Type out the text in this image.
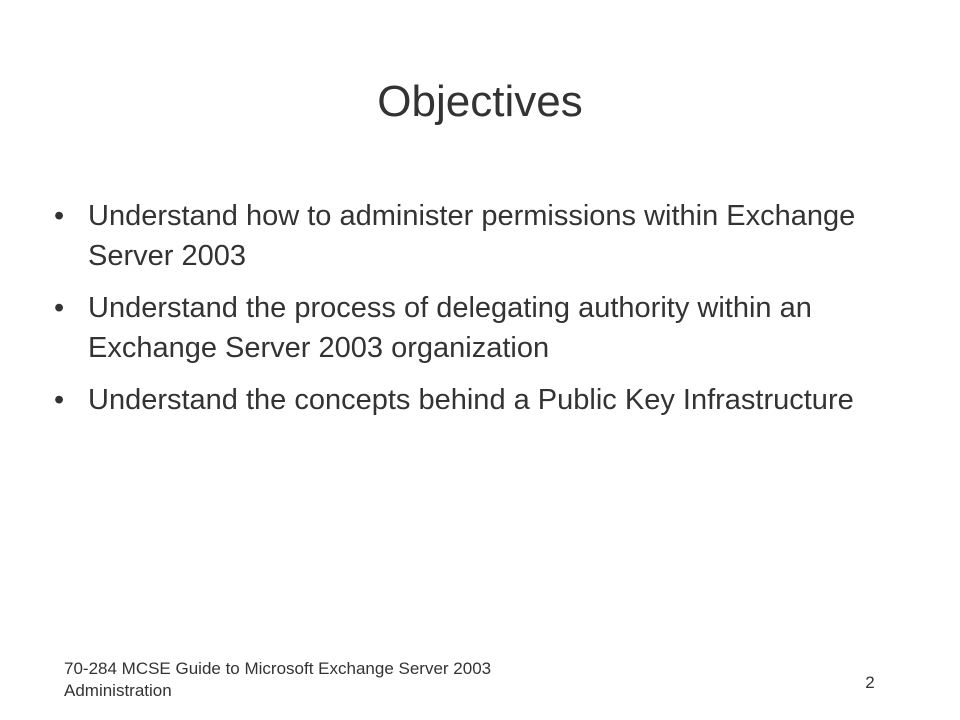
Objectives
• Understand how to administer permissions within Exchange Server 2003
• Understand the process of delegating authority within an Exchange Server 2003 organization
• Understand the concepts behind a Public Key Infrastructure
70-284 MCSE Guide to Microsoft Exchange Server 2003
Administration	2
